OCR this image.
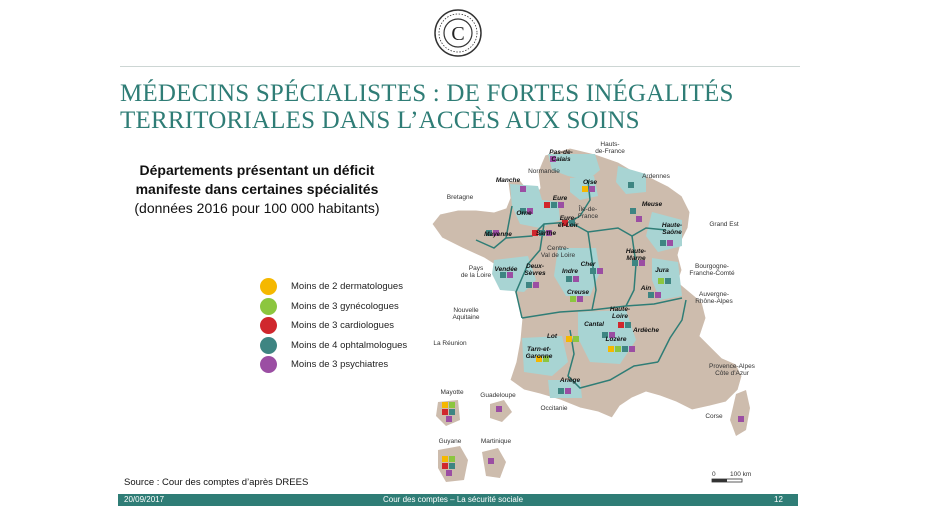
C
MÉDECINS SPÉCIALISTES : DE FORTES INÉGALITÉS
TERRITORIALES DANS L’ACCÈS AUX SOINS
Départements présentant un déficit
manifeste dans certaines spécialités
(données 2016 pour 100 000 habitants)
Moins de 2 dermatologues
Moins de 3 gynécologues
Moins de 3 cardiologues
Moins de 4 ophtalmologues
Moins de 3 psychiatres
Hauts-
de-France
Normandie
Bretagne
Ardennes
Grand Est
Île-de-
France
Centre-
Val de Loire
Pays
de la Loire
Bourgogne-
Franche-Comté
Auvergne-
Rhône-Alpes
Nouvelle
Aquitaine
Occitanie
Provence-Alpes
Côte d'Azur
Corse
La Réunion
Mayotte	Guadeloupe
Guyane	Martinique
Pas-de-
Calais
Manche	Oise
Orne
Eure
Eure-
et-Loir
Sarthe
Mayenne
Meuse
Haute-
Saône
Haute-
Marne
Jura
Ain
Cher
Indre
Creuse
Vendée Deux-
Sèvres
Haute-
Loire
Cantal
Ardèche
Lozère
Lot
Tarn-et-
Garonne
Ariège
0 100 km
Source : Cour des comptes d’après DREES
20/09/2017	Cour des comptes – La sécurité sociale	12
